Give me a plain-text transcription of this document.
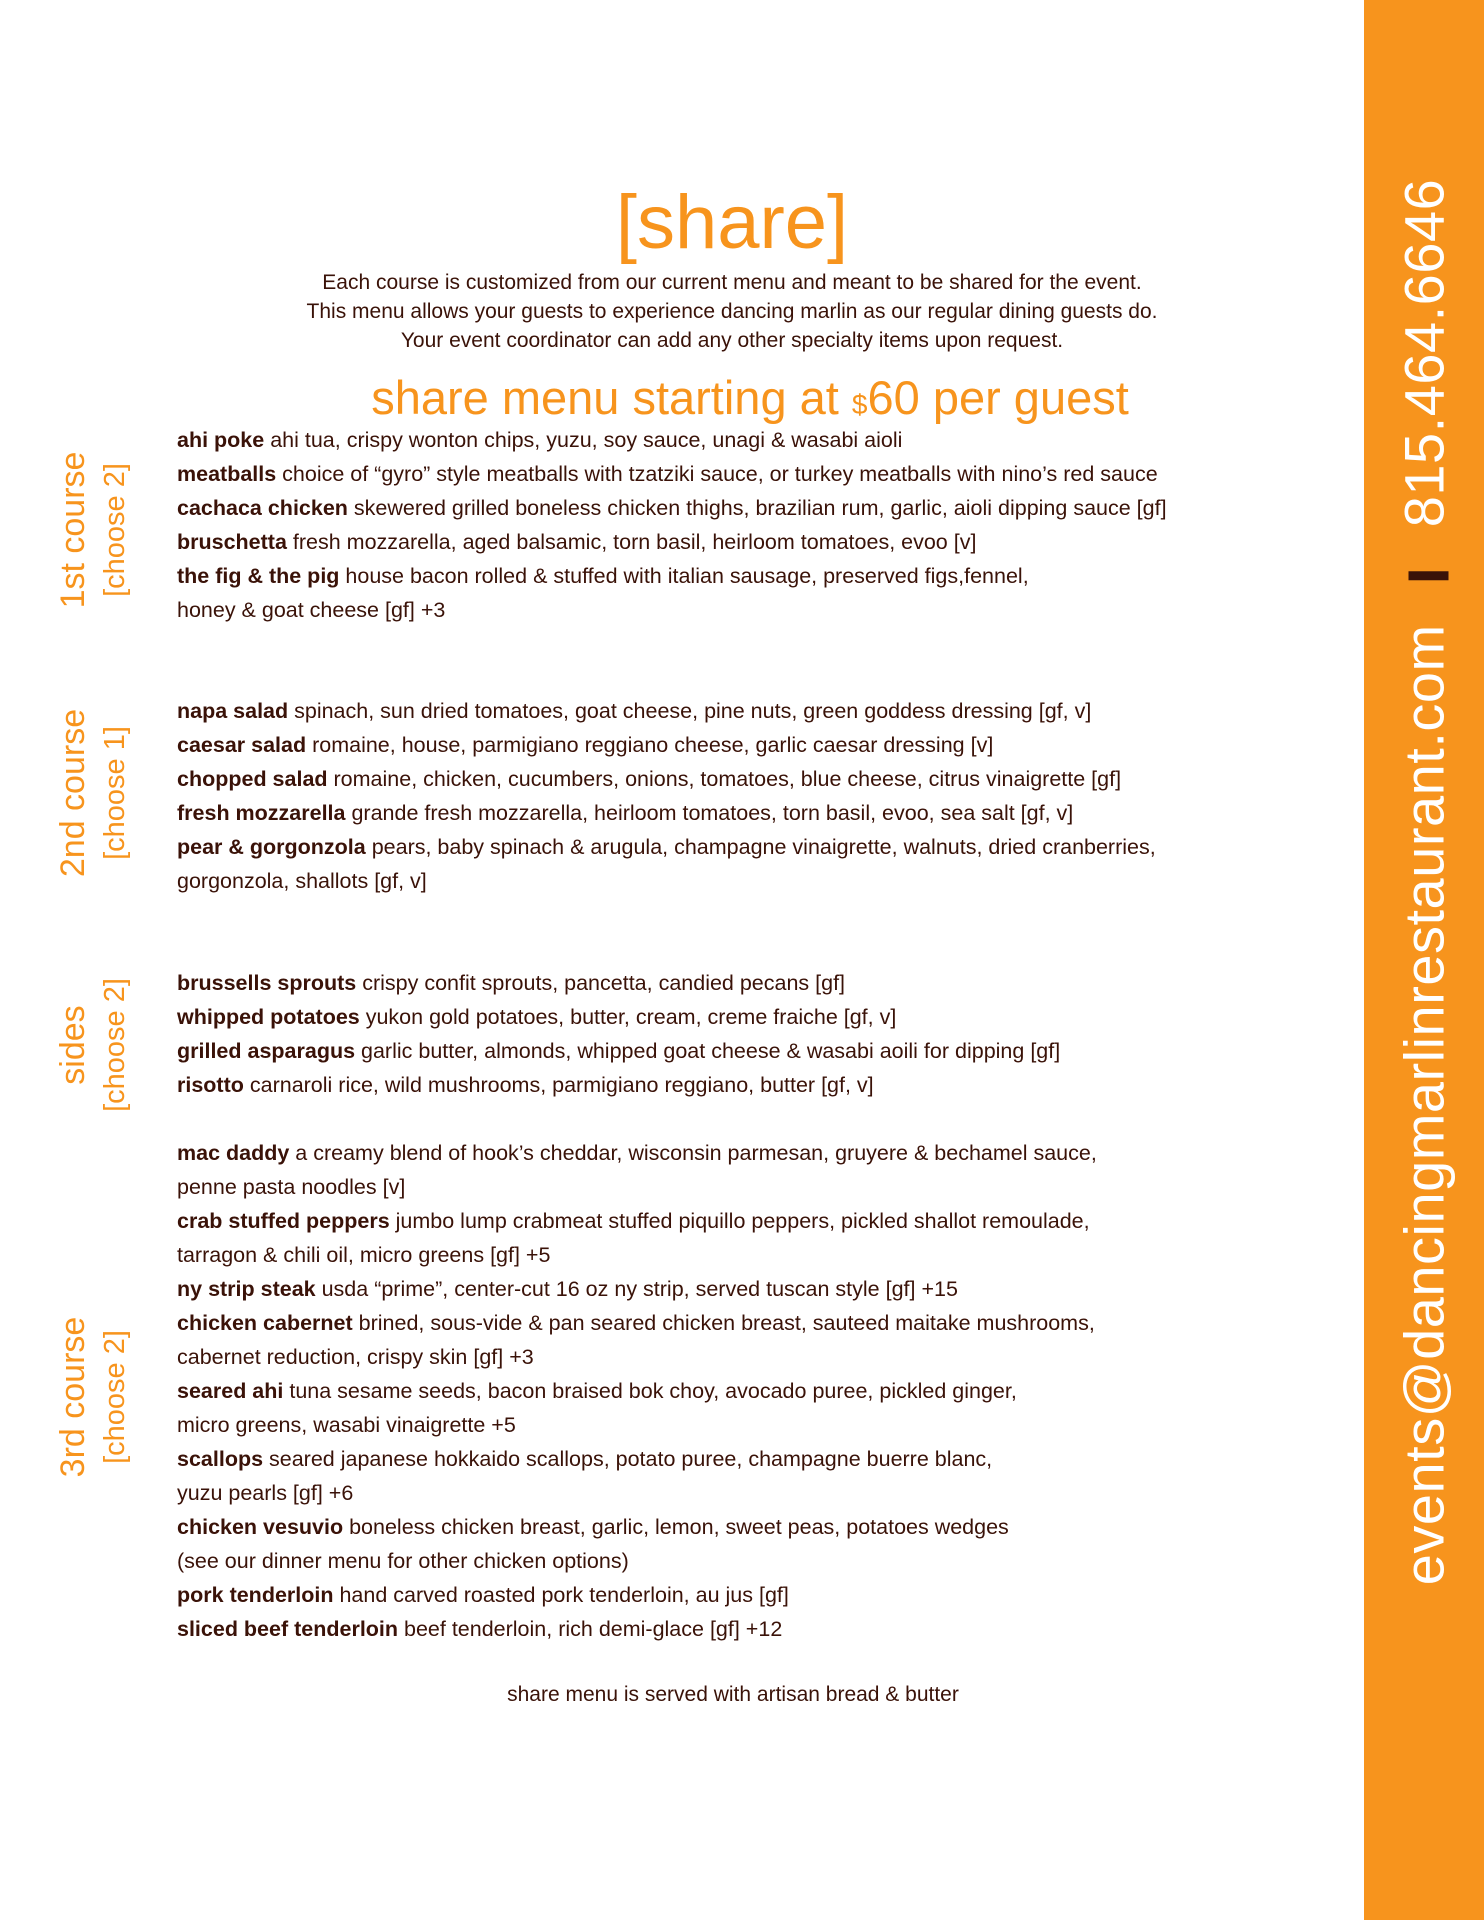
events@dancingmarlinrestaurant.com815.464.6646
[share]
Each course is customized from our current menu and meant to be shared for the event.
This menu allows your guests to experience dancing marlin as our regular dining guests do.
Your event coordinator can add any other specialty items upon request.
share menu starting at $60 per guest
1st course [choose 2]
ahi poke ahi tua, crispy wonton chips, yuzu, soy sauce, unagi & wasabi aioli
meatballs choice of “gyro” style meatballs with tzatziki sauce, or turkey meatballs with nino’s red sauce
cachaca chicken skewered grilled boneless chicken thighs, brazilian rum, garlic, aioli dipping sauce [gf]
bruschetta fresh mozzarella, aged balsamic, torn basil, heirloom tomatoes, evoo [v]
the fig & the pig house bacon rolled & stuffed with italian sausage, preserved figs,fennel,
honey & goat cheese [gf] +3
2nd course [choose 1]
napa salad spinach, sun dried tomatoes, goat cheese, pine nuts, green goddess dressing [gf, v]
caesar salad romaine, house, parmigiano reggiano cheese, garlic caesar dressing [v]
chopped salad romaine, chicken, cucumbers, onions, tomatoes, blue cheese, citrus vinaigrette [gf]
fresh mozzarella grande fresh mozzarella, heirloom tomatoes, torn basil, evoo, sea salt [gf, v]
pear & gorgonzola pears, baby spinach & arugula, champagne vinaigrette, walnuts, dried cranberries,
gorgonzola, shallots [gf, v]
sides [choose 2] brussells sprouts crispy confit sprouts, pancetta, candied pecans [gf]
whipped potatoes yukon gold potatoes, butter, cream, creme fraiche [gf, v]
grilled asparagus garlic butter, almonds, whipped goat cheese & wasabi aoili for dipping [gf]
risotto carnaroli rice, wild mushrooms, parmigiano reggiano, butter [gf, v]
3rd course [choose 2]
mac daddy a creamy blend of hook’s cheddar, wisconsin parmesan, gruyere & bechamel sauce,
penne pasta noodles [v]
crab stuffed peppers jumbo lump crabmeat stuffed piquillo peppers, pickled shallot remoulade,
tarragon & chili oil, micro greens [gf] +5
ny strip steak usda “prime”, center-cut 16 oz ny strip, served tuscan style [gf] +15
chicken cabernet brined, sous-vide & pan seared chicken breast, sauteed maitake mushrooms,
cabernet reduction, crispy skin [gf] +3
seared ahi tuna sesame seeds, bacon braised bok choy, avocado puree, pickled ginger,
micro greens, wasabi vinaigrette +5
scallops seared japanese hokkaido scallops, potato puree, champagne buerre blanc,
yuzu pearls [gf] +6
chicken vesuvio boneless chicken breast, garlic, lemon, sweet peas, potatoes wedges
(see our dinner menu for other chicken options)
pork tenderloin hand carved roasted pork tenderloin, au jus [gf]
sliced beef tenderloin beef tenderloin, rich demi-glace [gf] +12
share menu is served with artisan bread & butter
